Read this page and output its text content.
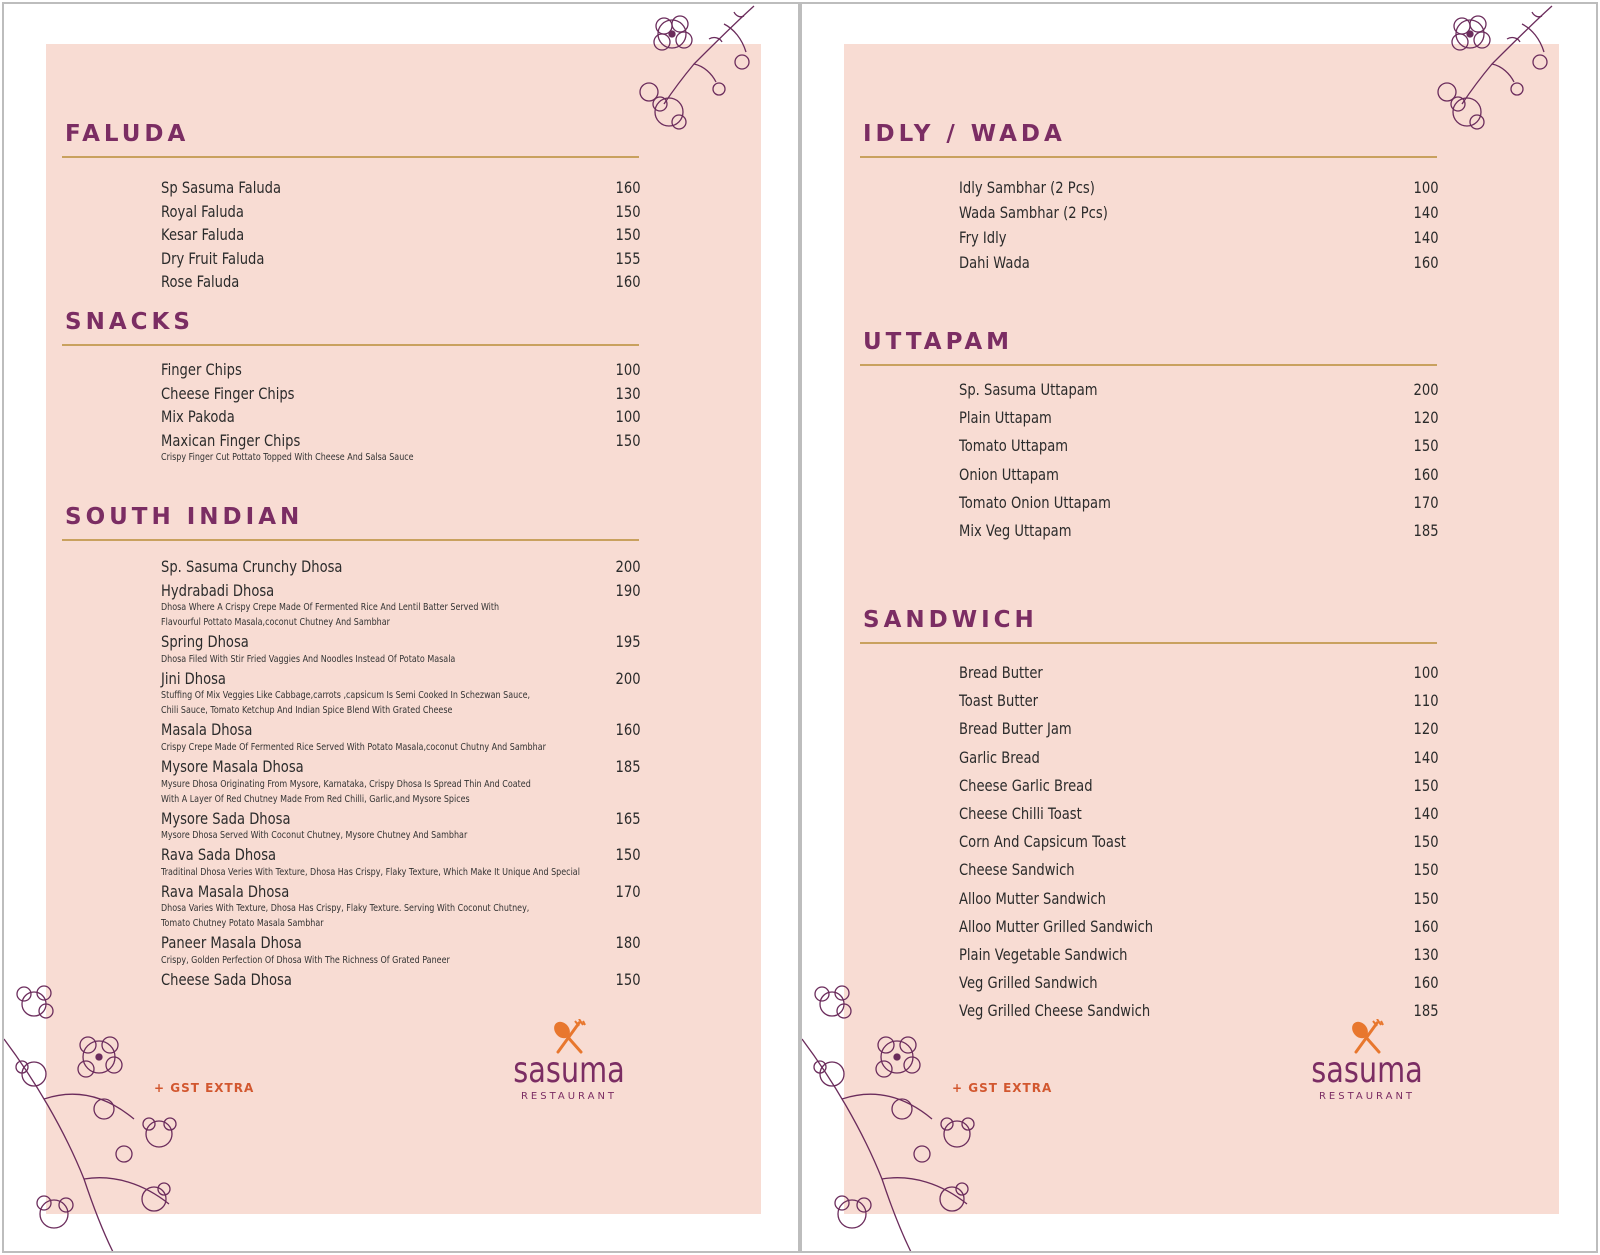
FALUDA
Sp Sasuma Faluda	160
Royal Faluda	150
Kesar Faluda	150
Dry Fruit Faluda	155
Rose Faluda	160
SNACKS
Finger Chips	100
Cheese Finger Chips	130
Mix Pakoda	100
Maxican Finger Chips	150
Crispy Finger Cut Pottato Topped With Cheese And Salsa Sauce
SOUTH INDIAN
Sp. Sasuma Crunchy Dhosa	200
Hydrabadi Dhosa	190
Dhosa Where A Crispy Crepe Made Of Fermented Rice And Lentil Batter Served With
Flavourful Pottato Masala,coconut Chutney And Sambhar
Spring Dhosa	195
Dhosa Filed With Stir Fried Vaggies And Noodles Instead Of Potato Masala
Jini Dhosa	200
Stuffing Of Mix Veggies Like Cabbage,carrots ,capsicum Is Semi Cooked In Schezwan Sauce,
Chili Sauce, Tomato Ketchup And Indian Spice Blend With Grated Cheese
Masala Dhosa	160
Crispy Crepe Made Of Fermented Rice Served With Potato Masala,coconut Chutny And Sambhar
Mysore Masala Dhosa	185
Mysure Dhosa Originating From Mysore, Karnataka, Crispy Dhosa Is Spread Thin And Coated
With A Layer Of Red Chutney Made From Red Chilli, Garlic,and Mysore Spices
Mysore Sada Dhosa	165
Mysore Dhosa Served With Coconut Chutney, Mysore Chutney And Sambhar
Rava Sada Dhosa	150
Traditinal Dhosa Veries With Texture, Dhosa Has Crispy, Flaky Texture, Which Make It Unique And Special
Rava Masala Dhosa	170
Dhosa Varies With Texture, Dhosa Has Crispy, Flaky Texture. Serving With Coconut Chutney,
Tomato Chutney Potato Masala Sambhar
Paneer Masala Dhosa	180
Crispy, Golden Perfection Of Dhosa With The Richness Of Grated Paneer
Cheese Sada Dhosa	150
+ GST EXTRA	sasuma
RESTAURANT
IDLY / WADA
Idly Sambhar (2 Pcs)	100
Wada Sambhar (2 Pcs)	140
Fry Idly	140
Dahi Wada	160
UTTAPAM
Sp. Sasuma Uttapam	200
Plain Uttapam	120
Tomato Uttapam	150
Onion Uttapam	160
Tomato Onion Uttapam	170
Mix Veg Uttapam	185
SANDWICH
Bread Butter	100
Toast Butter	110
Bread Butter Jam	120
Garlic Bread	140
Cheese Garlic Bread	150
Cheese Chilli Toast	140
Corn And Capsicum Toast	150
Cheese Sandwich	150
Alloo Mutter Sandwich	150
Alloo Mutter Grilled Sandwich	160
Plain Vegetable Sandwich	130
Veg Grilled Sandwich	160
Veg Grilled Cheese Sandwich	185
+ GST EXTRA	sasuma
RESTAURANT
